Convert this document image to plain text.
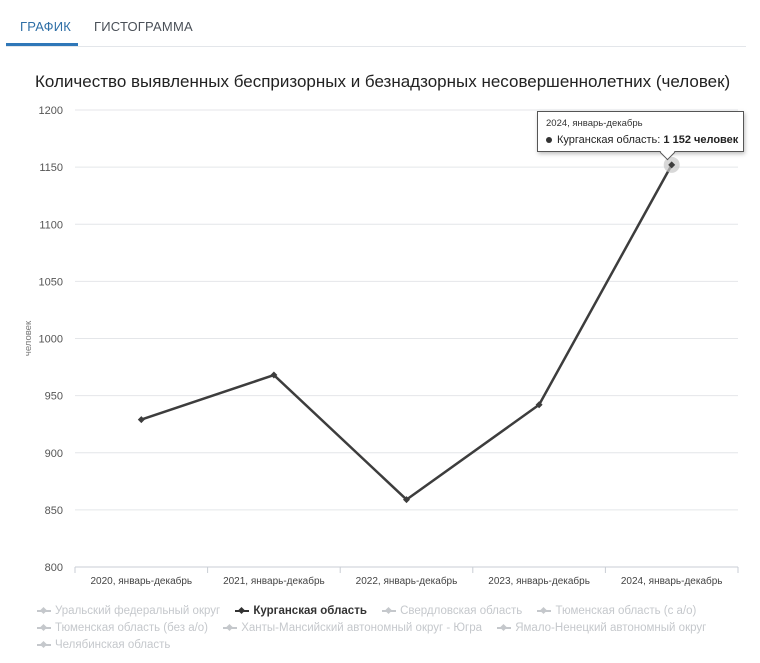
ГРАФИК ГИСТОГРАММА
Количество выявленных беспризорных и безнадзорных несовершеннолетних (человек)
800
850
900
950
1000
1050
1100
1150
1200
человек
2020, январь-декабрь	2021, январь-декабрь	2022, январь-декабрь	2023, январь-декабрь	2024, январь-декабрь
2024, январь-декабрь
Курганская область: 1 152 человек
Уральский федеральный округ	Курганская область	Свердловская область	Тюменская область (с а/о) Тюменская область (без а/о)	Ханты-Мансийский автономный округ - Югра	Ямало-Ненецкий автономный округ Челябинская область
